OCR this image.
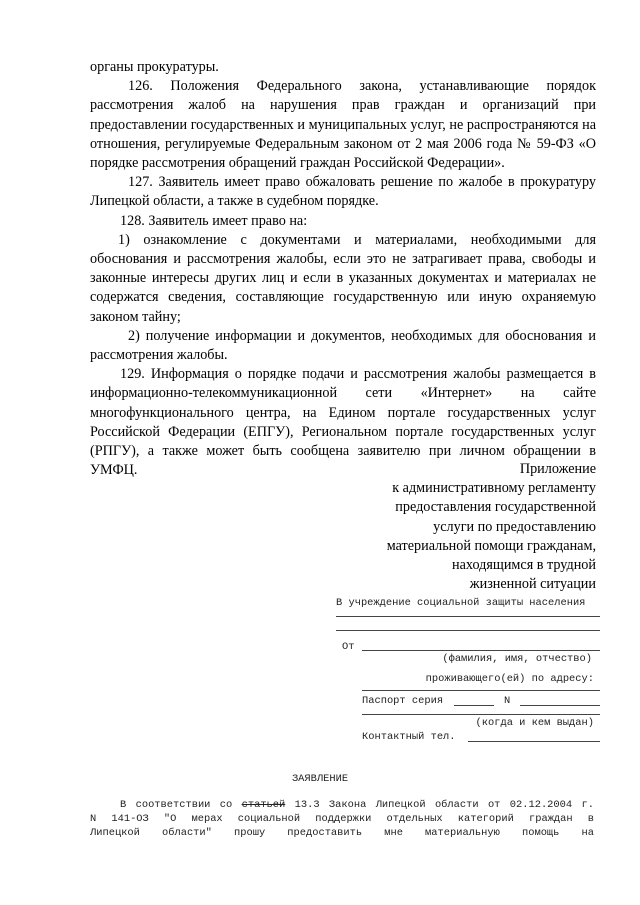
органы прокуратуры.

126. Положения Федерального закона, устанавливающие порядок рассмотрения жалоб на нарушения прав граждан и организаций при предоставлении государственных и муниципальных услуг, не распространяются на отношения, регулируемые Федеральным законом от 2 мая 2006 года № 59-ФЗ «О порядке рассмотрения обращений граждан Российской Федерации».

127. Заявитель имеет право обжаловать решение по жалобе в прокуратуру Липецкой области, а также в судебном порядке.

128. Заявитель имеет право на:

1) ознакомление с документами и материалами, необходимыми для обоснования и рассмотрения жалобы, если это не затрагивает права, свободы и законные интересы других лиц и если в указанных документах и материалах не содержатся сведения, составляющие государственную или иную охраняемую законом тайну;

2) получение информации и документов, необходимых для обоснования и рассмотрения жалобы.

129. Информация о порядке подачи и рассмотрения жалобы размещается в информационно-телекоммуникационной сети «Интернет» на сайте многофункционального центра, на Едином портале государственных услуг Российской Федерации (ЕПГУ), Региональном портале государственных услуг (РПГУ), а также может быть сообщена заявителю при личном обращении в УМФЦ.	Приложение
к административному регламенту
предоставления государственной
услуги по предоставлению
материальной помощи гражданам,
находящимся в трудной
жизненной ситуации
В учреждение социальной защиты населения
От
(фамилия, имя, отчество)
проживающего(ей) по адресу:
Паспорт серия	N
(когда и кем выдан)
Контактный тел.
ЗАЯВЛЕНИЕ

В соответствии со статьей 13.3 Закона Липецкой области от 02.12.2004 г.

N 141-ОЗ "О мерах социальной поддержки отдельных категорий граждан в

Липецкой области" прошу предоставить мне материальную помощь на
